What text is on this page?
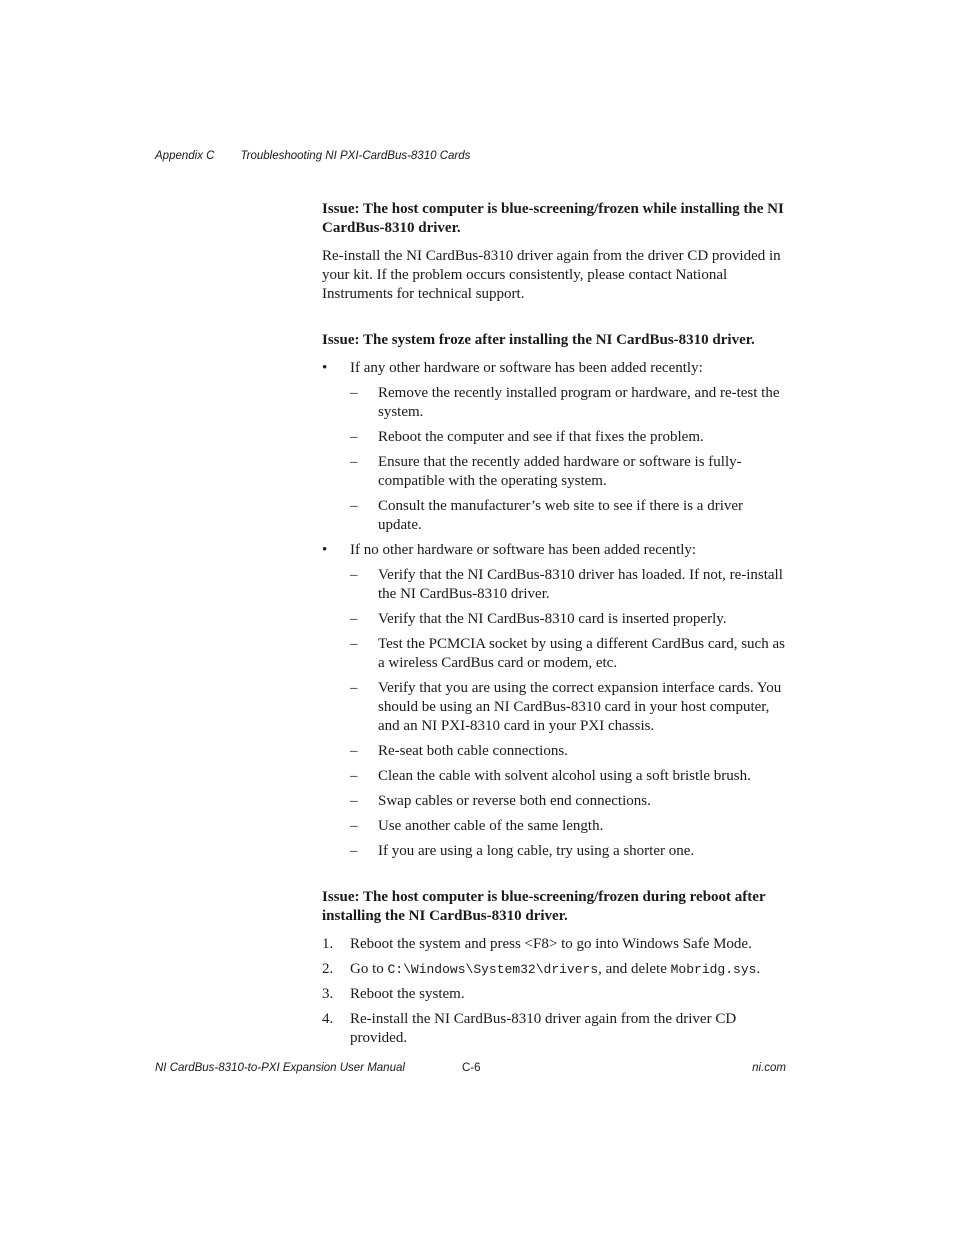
Appendix C Troubleshooting NI PXI-CardBus-8310 Cards
Issue: The host computer is blue-screening/frozen while installing the NI CardBus-8310 driver.
Re-install the NI CardBus-8310 driver again from the driver CD provided in your kit. If the problem occurs consistently, please contact National Instruments for technical support.
Issue: The system froze after installing the NI CardBus-8310 driver.
• If any other hardware or software has been added recently:
– Remove the recently installed program or hardware, and re-test the system.
– Reboot the computer and see if that fixes the problem.
– Ensure that the recently added hardware or software is fully-compatible with the operating system.
– Consult the manufacturer’s web site to see if there is a driver update.
• If no other hardware or software has been added recently:
– Verify that the NI CardBus-8310 driver has loaded. If not, re-install the NI CardBus-8310 driver.
– Verify that the NI CardBus-8310 card is inserted properly.
– Test the PCMCIA socket by using a different CardBus card, such as a wireless CardBus card or modem, etc.
– Verify that you are using the correct expansion interface cards. You should be using an NI CardBus-8310 card in your host computer, and an NI PXI-8310 card in your PXI chassis.
– Re-seat both cable connections.
– Clean the cable with solvent alcohol using a soft bristle brush.
– Swap cables or reverse both end connections.
– Use another cable of the same length.
– If you are using a long cable, try using a shorter one.
Issue: The host computer is blue-screening/frozen during reboot after installing the NI CardBus-8310 driver.
1. Reboot the system and press <F8> to go into Windows Safe Mode.
2. Go to C:\Windows\System32\drivers, and delete Mobridg.sys.
3. Reboot the system.
4. Re-install the NI CardBus-8310 driver again from the driver CD provided.
NI CardBus-8310-to-PXI Expansion User Manual	C-6	ni.com
